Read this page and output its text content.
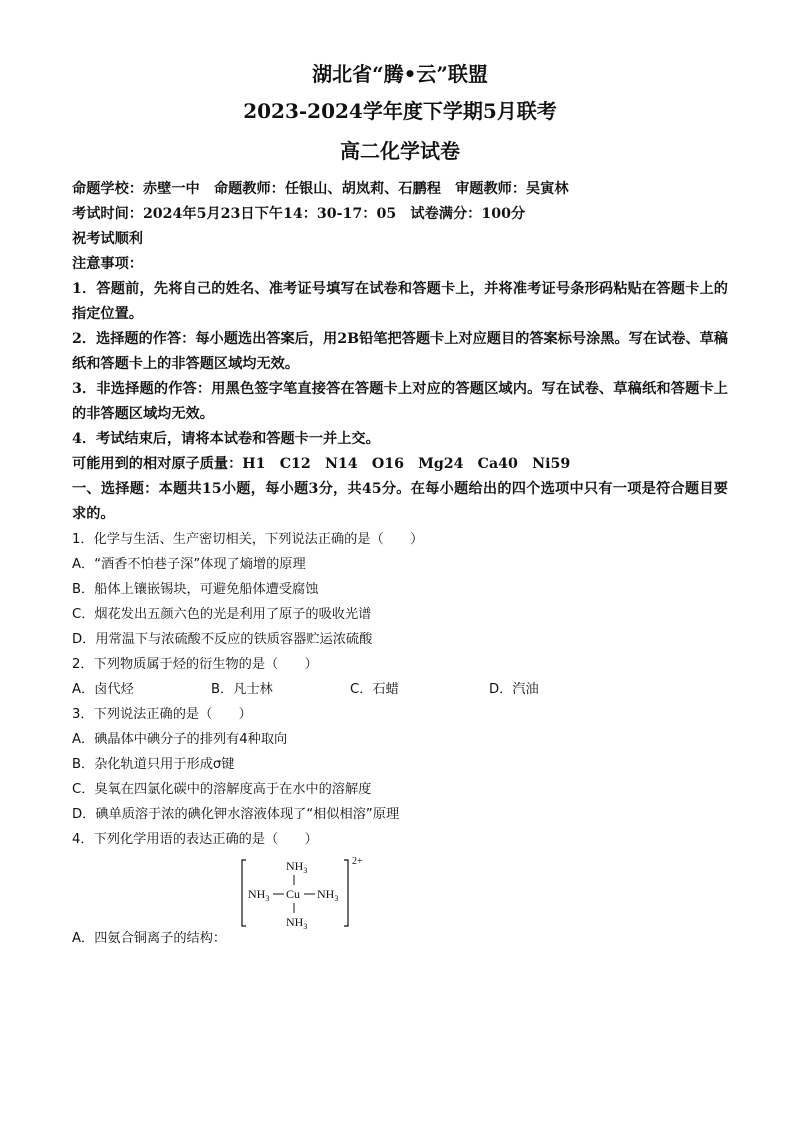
湖北省“腾•云”联盟

2023-2024学年度下学期5月联考

高二化学试卷

命题学校：赤壁一中　命题教师：任银山、胡岚莉、石鹏程　审题教师：吴寅林
考试时间：2024年5月23日下午14：30-17：05　试卷满分：100分
祝考试顺利
注意事项：
1．答题前，先将自己的姓名、准考证号填写在试卷和答题卡上，并将准考证号条形码粘贴在答题卡上的指定位置。
2．选择题的作答：每小题选出答案后，用2B铅笔把答题卡上对应题目的答案标号涂黑。写在试卷、草稿纸和答题卡上的非答题区域均无效。
3．非选择题的作答：用黑色签字笔直接答在答题卡上对应的答题区域内。写在试卷、草稿纸和答题卡上的非答题区域均无效。
4．考试结束后，请将本试卷和答题卡一并上交。
可能用到的相对原子质量：H1　C12　N14　O16　Mg24　Ca40　Ni59
一、选择题：本题共15小题，每小题3分，共45分。在每小题给出的四个选项中只有一项是符合题目要求的。
1．化学与生活、生产密切相关，下列说法正确的是（　　）
A．“酒香不怕巷子深”体现了熵增的原理
B．船体上镶嵌锡块，可避免船体遭受腐蚀
C．烟花发出五颜六色的光是利用了原子的吸收光谱
D．用常温下与浓硫酸不反应的铁质容器贮运浓硫酸
2．下列物质属于烃的衍生物的是（　　）
A．卤代烃	B．凡士林	C．石蜡	D．汽油
3．下列说法正确的是（　　）
A．碘晶体中碘分子的排列有4种取向
B．杂化轨道只用于形成σ键
C．臭氧在四氯化碳中的溶解度高于在水中的溶解度
D．碘单质溶于浓的碘化钾水溶液体现了“相似相溶”原理
4．下列化学用语的表达正确的是（　　）
$NH_3$
$NH_3$ Cu $NH_3$
$NH_3$
2+
A．四氨合铜离子的结构：
